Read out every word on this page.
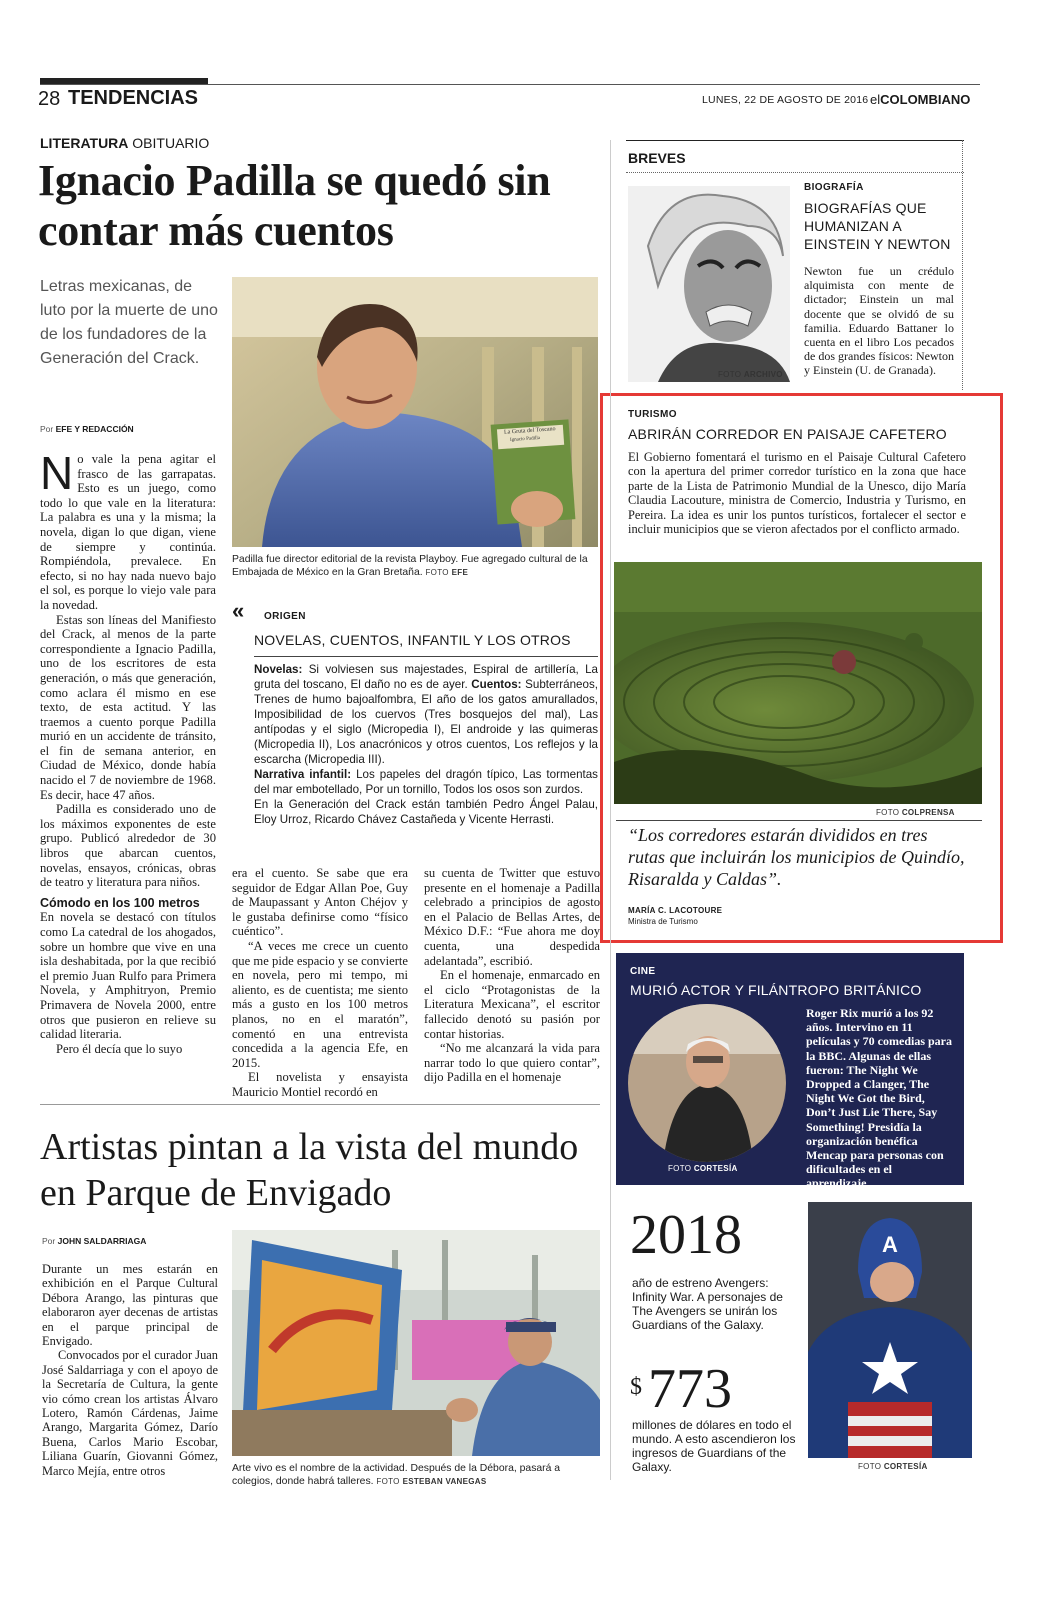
28 TENDENCIAS	LUNES, 22 DE AGOSTO DE 2016 elCOLOMBIANO
LITERATURA OBITUARIO
Ignacio Padilla se quedó sin contar más cuentos
Letras mexicanas, de luto por la muerte de uno de los fundadores de la Generación del Crack.
Por EFE Y REDACCIÓN	La Gruta del Toscano
Ignacio Padilla
Padilla fue director editorial de la revista Playboy. Fue agregado cultural de la Embajada de México en la Gran Bretaña. FOTO EFE

No vale la pena agitar el frasco de las garrapatas. Esto es un juego, como todo lo que vale en la literatura: La palabra es una y la misma; la novela, digan lo que digan, viene de siempre y continúa. Rompiéndola, prevalece. En efecto, si no hay nada nuevo bajo el sol, es porque lo viejo vale para la novedad.

Estas son líneas del Manifiesto del Crack, al menos de la parte correspondiente a Ignacio Padilla, uno de los escritores de esta generación, o más que generación, como aclara él mismo en ese texto, de esta actitud. Y las traemos a cuento porque Padilla murió en un accidente de tránsito, el fin de semana anterior, en Ciudad de México, donde había nacido el 7 de noviembre de 1968. Es decir, hace 47 años.

Padilla es considerado uno de los máximos exponentes de este grupo. Publicó alrededor de 30 libros que abarcan cuentos, novelas, ensayos, crónicas, obras de teatro y literatura para niños.

Cómodo en los 100 metros

En novela se destacó con títulos como La catedral de los ahogados, sobre un hombre que vive en una isla deshabitada, por la que recibió el premio Juan Rulfo para Primera Novela, y Amphitryon, Premio Primavera de Novela 2000, entre otros que pusieron en relieve su calidad literaria.

Pero él decía que lo suyo

« ORIGEN
NOVELAS, CUENTOS, INFANTIL Y LOS OTROS
Novelas: Si volviesen sus majestades, Espiral de artillería, La gruta del toscano, El daño no es de ayer. Cuentos: Subterráneos, Trenes de humo bajoalfombra, El año de los gatos amurallados, Imposibilidad de los cuervos (Tres bosquejos del mal), Las antípodas y el siglo (Micropedia I), El androide y las quimeras (Micropedia II), Los anacrónicos y otros cuentos, Los reflejos y la escarcha (Micropedia III).
Narrativa infantil: Los papeles del dragón típico, Las tormentas del mar embotellado, Por un tornillo, Todos los osos son zurdos.
En la Generación del Crack están también Pedro Ángel Palau, Eloy Urroz, Ricardo Chávez Castañeda y Vicente Herrasti.

era el cuento. Se sabe que era seguidor de Edgar Allan Poe, Guy de Maupassant y Anton Chéjov y le gustaba definirse como “físico cuéntico”.

“A veces me crece un cuento que me pide espacio y se convierte en novela, pero mi tempo, mi aliento, es de cuentista; me siento más a gusto en los 100 metros planos, no en el maratón”, comentó en una entrevista concedida a la agencia Efe, en 2015.

El novelista y ensayista Mauricio Montiel recordó en

su cuenta de Twitter que estuvo presente en el homenaje a Padilla celebrado a principios de agosto en el Palacio de Bellas Artes, de México D.F.: “Fue ahora me doy cuenta, una despedida adelantada”, escribió.

En el homenaje, enmarcado en el ciclo “Protagonistas de la Literatura Mexicana”, el escritor fallecido denotó su pasión por contar historias.

“No me alcanzará la vida para narrar todo lo que quiero contar”, dijo Padilla en el homenaje

Artistas pintan a la vista del mundo en Parque de Envigado
Por JOHN SALDARRIAGA

Durante un mes estarán en exhibición en el Parque Cultural Débora Arango, las pinturas que elaboraron ayer decenas de artistas en el parque principal de Envigado.

Convocados por el curador Juan José Saldarriaga y con el apoyo de la Secretaría de Cultura, la gente vio cómo crean los artistas Álvaro Lotero, Ramón Cárdenas, Jaime Arango, Margarita Gómez, Darío Buena, Carlos Mario Escobar, Liliana Guarín, Giovanni Gómez, Marco Mejía, entre otros	Arte vivo es el nombre de la actividad. Después de la Débora, pasará a colegios, donde habrá talleres. FOTO ESTEBAN VANEGAS
BREVES
FOTO ARCHIVO
BIOGRAFÍA
BIOGRAFÍAS QUE HUMANIZAN A EINSTEIN Y NEWTON
Newton fue un crédulo alquimista con mente de dictador; Einstein un mal docente que se olvidó de su familia. Eduardo Battaner lo cuenta en el libro Los pecados de dos grandes físicos: Newton y Einstein (U. de Granada).
TURISMO
ABRIRÁN CORREDOR EN PAISAJE CAFETERO
El Gobierno fomentará el turismo en el Paisaje Cultural Cafetero con la apertura del primer corredor turístico en la zona que hace parte de la Lista de Patrimonio Mundial de la Unesco, dijo María Claudia Lacouture, ministra de Comercio, Industria y Turismo, en Pereira. La idea es unir los puntos turísticos, fortalecer el sector e incluir municipios que se vieron afectados por el conflicto armado.
FOTO COLPRENSA
“Los corredores estarán divididos en tres rutas que incluirán los municipios de Quindío, Risaralda y Caldas”.
MARÍA C. LACOTOURE
Ministra de Turismo
CINE
MURIÓ ACTOR Y FILÁNTROPO BRITÁNICO
FOTO CORTESÍA
Roger Rix murió a los 92 años. Intervino en 11 películas y 70 comedias para la BBC. Algunas de ellas fueron: The Night We Dropped a Clanger, The Night We Got the Bird, Don’t Just Lie There, Say Something! Presidía la organización benéfica Mencap para personas con dificultades en el aprendizaje.
2018
año de estreno Avengers: Infinity War. A personajes de The Avengers se unirán los Guardians of the Galaxy.
$ 773
millones de dólares en todo el mundo. A esto ascendieron los ingresos de Guardians of the Galaxy.
A
FOTO CORTESÍA
